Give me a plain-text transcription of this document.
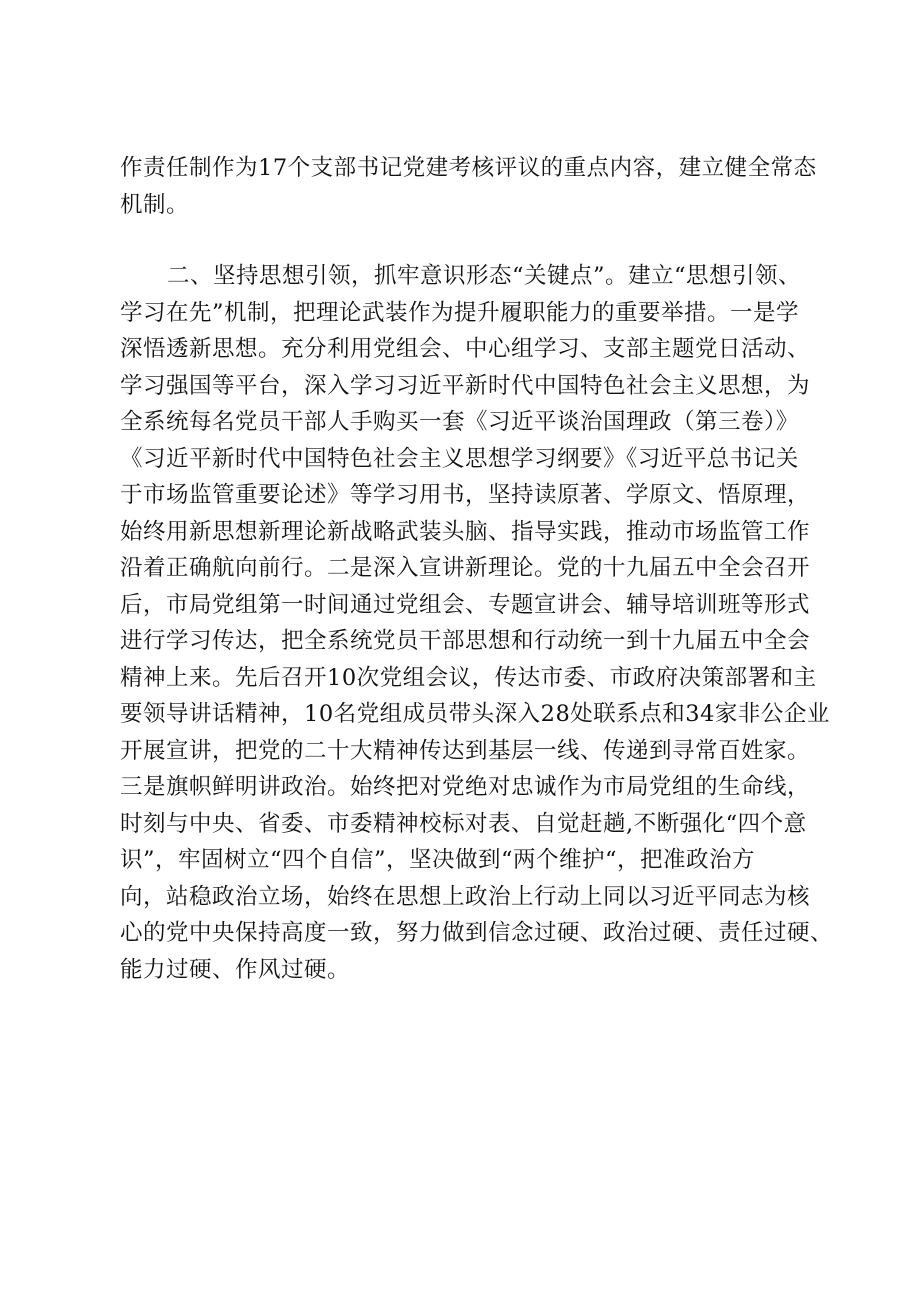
作责任制作为17个支部书记党建考核评议的重点内容，建立健全常态
机制。
二、坚持思想引领，抓牢意识形态“关键点”。建立“思想引领、
学习在先”机制，把理论武装作为提升履职能力的重要举措。一是学
深悟透新思想。充分利用党组会、中心组学习、支部主题党日活动、
学习强国等平台，深入学习习近平新时代中国特色社会主义思想，为
全系统每名党员干部人手购买一套《习近平谈治国理政（第三卷）》
《习近平新时代中国特色社会主义思想学习纲要》《习近平总书记关
于市场监管重要论述》等学习用书，坚持读原著、学原文、悟原理，
始终用新思想新理论新战略武装头脑、指导实践，推动市场监管工作
沿着正确航向前行。二是深入宣讲新理论。党的十九届五中全会召开
后，市局党组第一时间通过党组会、专题宣讲会、辅导培训班等形式
进行学习传达，把全系统党员干部思想和行动统一到十九届五中全会
精神上来。先后召开10次党组会议，传达市委、市政府决策部署和主
要领导讲话精神，10名党组成员带头深入28处联系点和34家非公企业
开展宣讲，把党的二十大精神传达到基层一线、传递到寻常百姓家。
三是旗帜鲜明讲政治。始终把对党绝对忠诚作为市局党组的生命线，
时刻与中央、省委、市委精神校标对表、自觉赶趟,不断强化“四个意
识”，牢固树立“四个自信”，坚决做到“两个维护“，把准政治方
向，站稳政治立场，始终在思想上政治上行动上同以习近平同志为核
心的党中央保持高度一致，努力做到信念过硬、政治过硬、责任过硬、
能力过硬、作风过硬。
